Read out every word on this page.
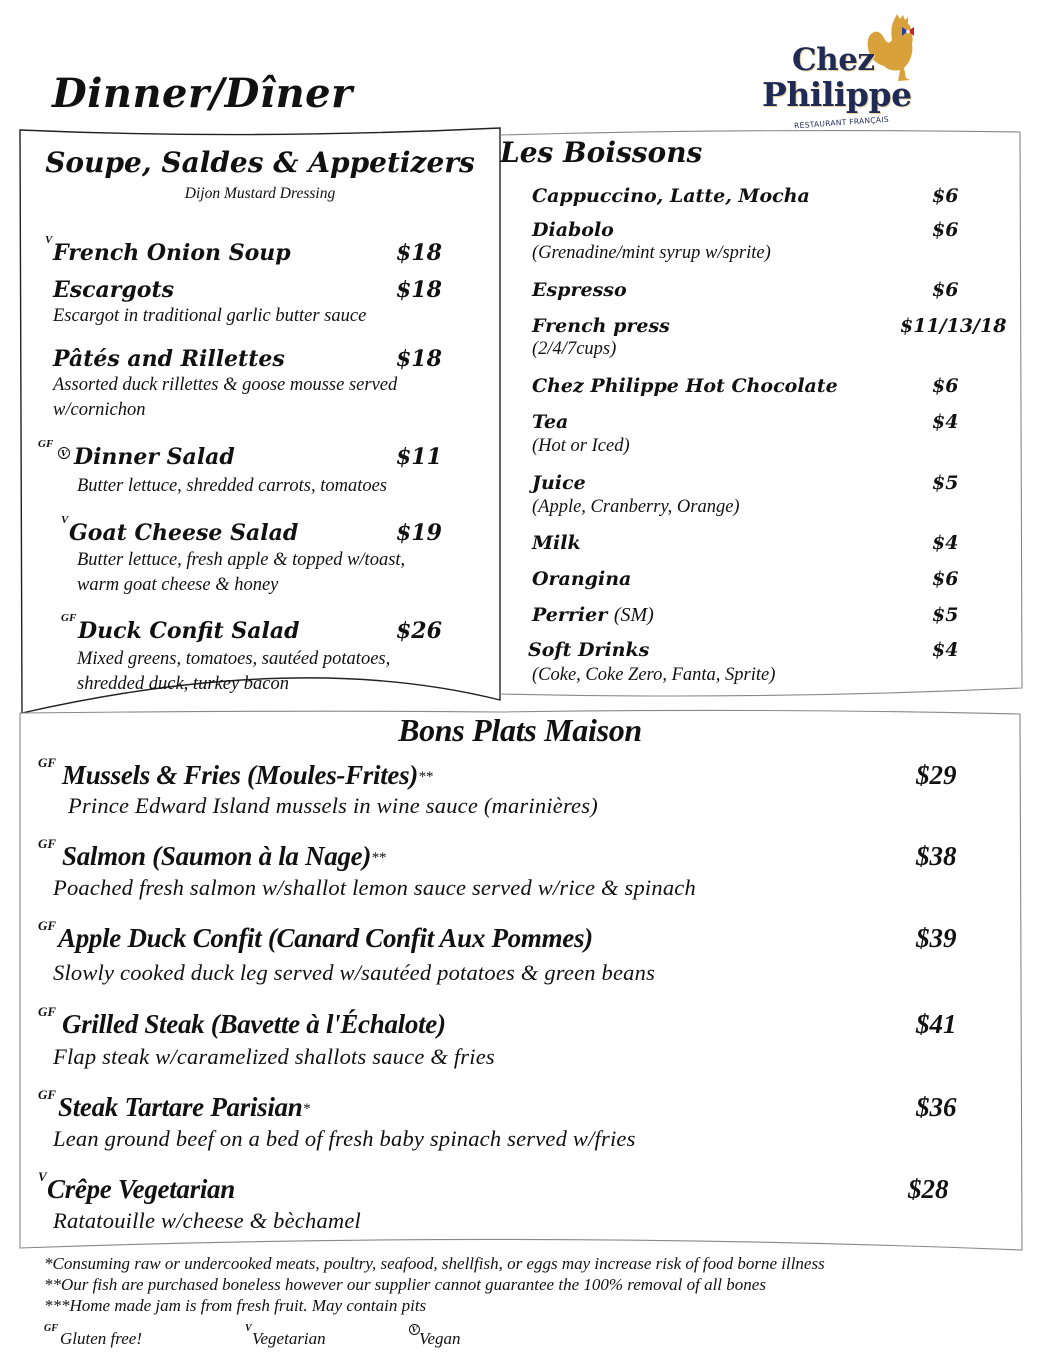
Dinner/Dîner
Chez
Philippe
RESTAURANT FRANÇAIS
Soupe, Saldes & Appetizers
Dijon Mustard Dressing
V French Onion Soup	$18
Escargots	$18
Escargot in traditional garlic butter sauce
Pâtés and Rillettes	$18
Assorted duck rillettes & goose mousse served
w/cornichon
GF
V Dinner Salad	$11
Butter lettuce, shredded carrots, tomatoes
V Goat Cheese Salad	$19
Butter lettuce, fresh apple & topped w/toast,
warm goat cheese & honey
GF Duck Confit Salad	$26
Mixed greens, tomatoes, sautéed potatoes,
shredded duck, turkey bacon
Les Boissons
Cappuccino, Latte, Mocha	$6
Diabolo	$6
(Grenadine/mint syrup w/sprite)
Espresso	$6
French press	$11/13/18
(2/4/7cups)
Chez Philippe Hot Chocolate	$6
Tea	$4
(Hot or Iced)
Juice	$5
(Apple, Cranberry, Orange)
Milk	$4
Orangina	$6
Perrier (SM)	$5
Soft Drinks	$4
(Coke, Coke Zero, Fanta, Sprite)
Bons Plats Maison
GF Mussels & Fries (Moules-Frites)**	$29
Prince Edward Island mussels in wine sauce (marinières)
GF Salmon (Saumon à la Nage)**	$38
Poached fresh salmon w/shallot lemon sauce served w/rice & spinach
GF Apple Duck Confit (Canard Confit Aux Pommes)	$39
Slowly cooked duck leg served w/sautéed potatoes & green beans
GF Grilled Steak (Bavette à l'Échalote)	$41
Flap steak w/caramelized shallots sauce & fries
GF Steak Tartare Parisian*	$36
Lean ground beef on a bed of fresh baby spinach served w/fries
V Crêpe Vegetarian	$28
Ratatouille w/cheese & bèchamel
*Consuming raw or undercooked meats, poultry, seafood, shellfish, or eggs may increase risk of food borne illness
**Our fish are purchased boneless however our supplier cannot guarantee the 100% removal of all bones
***Home made jam is from fresh fruit. May contain pits
GF
Gluten free!
V
Vegetarian	V Vegan
